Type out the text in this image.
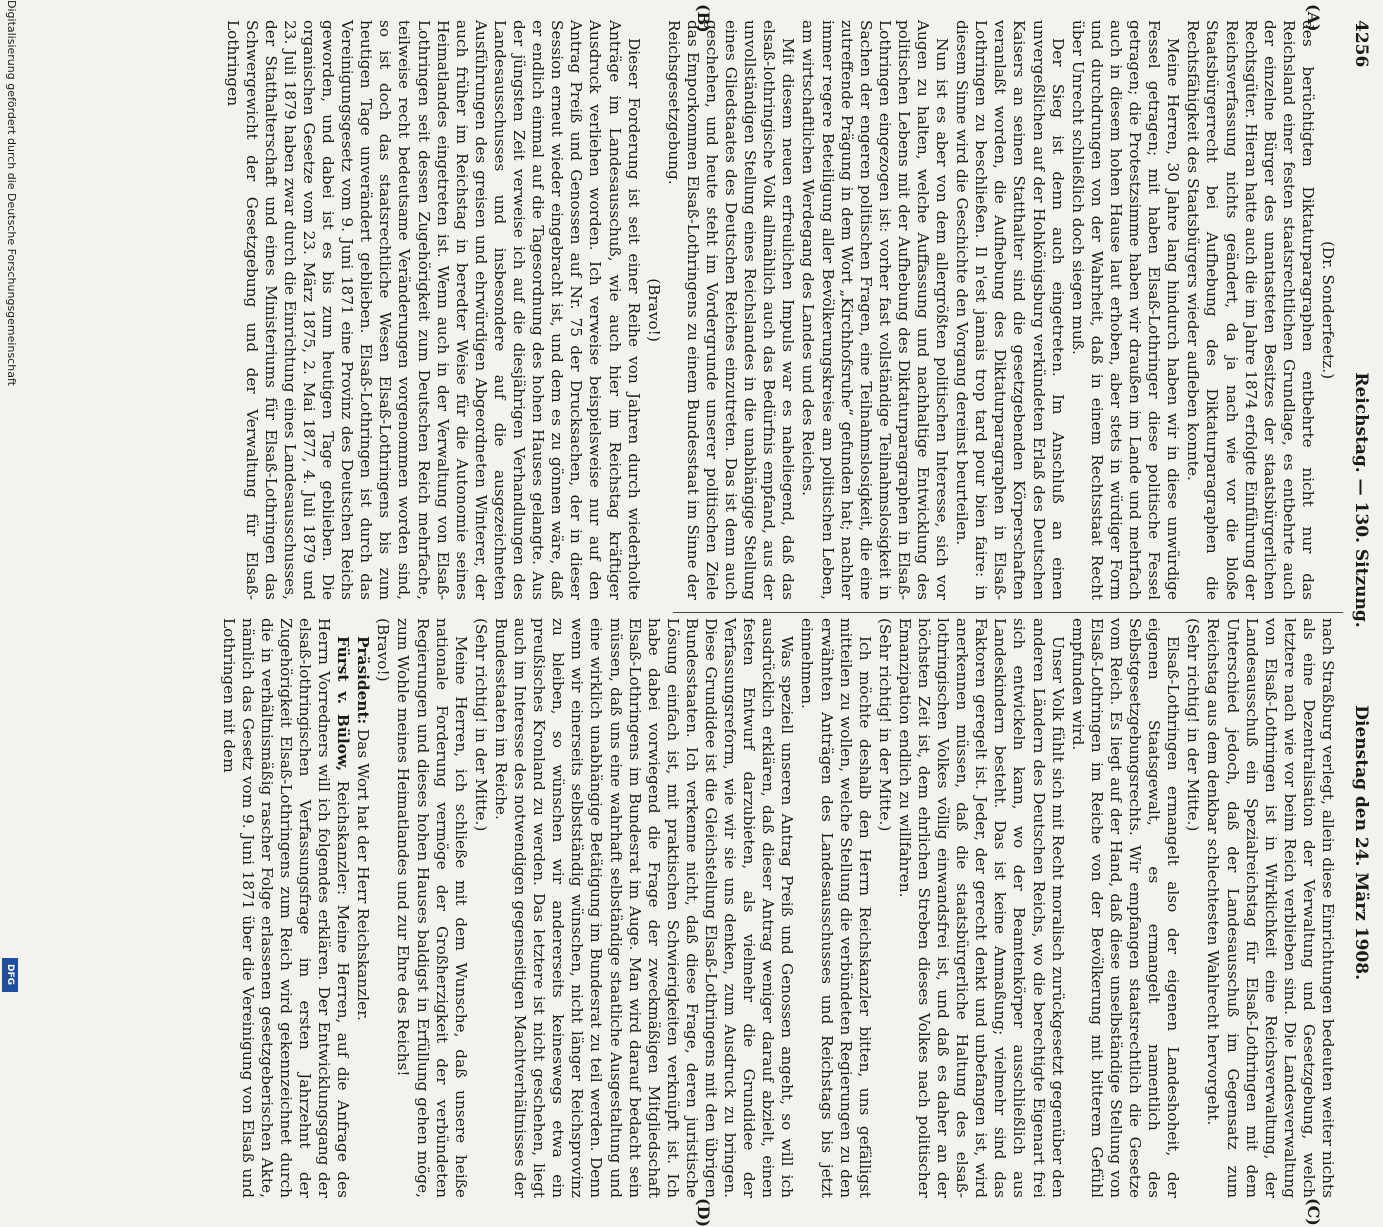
4256
Reichstag. — 130. Sitzung.
Dienstag den 24. März 1908.
(A)
(B)
(C)
(D)

(Dr. Sonderfeetz.)

des berüchtigten Diktaturparagraphen entbehrte nicht nur das Reichsland einer festen staatsrechtlichen Grundlage, es entbehrte auch der einzelne Bürger des unantasteten Besitzes der staatsbürgerlichen Rechtsgüter. Hieran hatte auch die im Jahre 1874 erfolgte Einführung der Reichsverfassung nichts geändert, da ja nach wie vor die bloße Staatsbürgerrecht bei Aufhebung des Diktaturparagraphen die Rechtsfähigkeit des Staatsbürgers wieder aufleben konnte.

Meine Herren, 30 Jahre lang hindurch haben wir in diese unwürdige Fessel getragen; mit haben Elsaß-Lothringer diese politische Fessel getragen; die Protestzsimme haben wir draußen im Lande und mehrfach auch in diesem hohen Hause laut erhoben, aber stets in würdiger Form und durchdrungen von der Wahrheit, daß in einem Rechtsstaat Recht über Unrecht schließlich doch siegen muß.

Der Sieg ist denn auch eingetreten. Im Anschluß an einen unvergeßlichen auf der Hohkönigsburg verkündeten Erlaß des Deutschen Kaisers an seinen Statthalter sind die gesetzgebenden Körperschaften veranlaßt worden, die Aufhebung des Diktaturparagraphen in Elsaß-Lothringen zu beschließen. Il n'est jamais trop tard pour bien faire: in diesem Sinne wird die Geschichte den Vorgang dereinst beurteilen.

Nun ist es aber von dem allergrößten politischen Interesse, sich vor Augen zu halten, welche Auffassung und nachhaltige Entwicklung des politischen Lebens mit der Aufhebung des Diktaturparagraphen in Elsaß-Lothringen eingezogen ist: vorher fast vollständige Teilnahmslosigkeit in Sachen der engeren politischen Fragen, eine Teilnahmslosigkeit, die eine zutreffende Prägung in dem Wort „Kirchhofsruhe“ gefunden hat; nachher immer regere Beteiligung aller Bevölkerungskreise am politischen Leben, am wirtschaftlichen Werdegang des Landes und des Reiches.

Mit diesem neuen erfreulichen Impuls war es naheliegend, daß das elsaß-lothringische Volk allmählich auch das Bedürfnis empfand, aus der unvollständigen Stellung eines Reichslandes in die unabhängige Stellung eines Gliedstaates des Deutschen Reiches einzutreten. Das ist denn auch geschehen, und heute steht im Vordergrunde unserer politischen Ziele das Emporkommen Elsaß-Lothringens zu einem Bundesstaat im Sinne der Reichsgesetzgebung.

(Bravo!)

Dieser Forderung ist seit einer Reihe von Jahren durch wiederholte Anträge im Landesausschuß, wie auch hier im Reichstag kräftiger Ausdruck verliehen worden. Ich verweise beispielsweise nur auf den Antrag Preiß und Genossen auf Nr. 75 der Drucksachen, der in dieser Session erneut wieder eingebracht ist, und dem es zu gönnen wäre, daß er endlich einmal auf die Tagesordnung des hohen Hauses gelangte. Aus der jüngsten Zeit verweise ich auf die diesjährigen Verhandlungen des Landesausschusses und insbesondere auf die ausgezeichneten Ausführungen des greisen und ehrwürdigen Abgeordneten Winterer, der auch früher im Reichstag in beredter Weise für die Autonomie seines Heimatlandes eingetreten ist. Wenn auch in der Verwaltung von Elsaß-Lothringen seit dessen Zugehörigkeit zum Deutschen Reich mehrfache, teilweise recht bedeutsame Veränderungen vorgenommen worden sind, so ist doch das staatsrechtliche Wesen Elsaß-Lothringens bis zum heutigen Tage unverändert geblieben. Elsaß-Lothringen ist durch das Vereinigungsgesetz vom 9. Juni 1871 eine Provinz des Deutschen Reichs geworden, und dabei ist es bis zum heutigen Tage geblieben. Die organischen Gesetze vom 23. März 1875, 2. Mai 1877, 4. Juli 1879 und 23. Juli 1879 haben zwar durch die Einrichtung eines Landesausschusses, der Statthalterschaft und eines Ministeriums für Elsaß-Lothringen das Schwergewicht der Gesetzgebung und der Verwaltung für Elsaß-Lothringen

nach Straßburg verlegt, allein diese Einrichtungen bedeuten weiter nichts als eine Dezentralisation der Verwaltung und Gesetzgebung, welch letztere nach wie vor beim Reich verblieben sind. Die Landesverwaltung von Elsaß-Lothringen ist in Wirklichkeit eine Reichsverwaltung, der Landesausschuß ein Spezialreichstag für Elsaß-Lothringen mit dem Unterschied jedoch, daß der Landesausschuß im Gegensatz zum Reichstag aus dem denkbar schlechtesten Wahlrecht hervorgeht.

(Sehr richtig! in der Mitte.)

Elsaß-Lothringen ermangelt also der eigenen Landeshoheit, der eigenen Staatsgewalt, es ermangelt namentlich des Selbstgesetzgebungsrechts. Wir empfangen staatsrechtlich die Gesetze vom Reich. Es liegt auf der Hand, daß diese unselbständige Stellung von Elsaß-Lothringen im Reiche von der Bevölkerung mit bitterem Gefühl empfunden wird.

Unser Volk fühlt sich mit Recht moralisch zurückgesetzt gegenüber den anderen Ländern des Deutschen Reichs, wo die berechtigte Eigenart frei sich entwickeln kann, wo der Beamtenkörper ausschließlich aus Landeskindern besteht. Das ist keine Anmaßung; vielmehr sind das Faktoren geregelt ist. Jeder, der gerecht denkt und unbefangen ist, wird anerkennen müssen, daß die staatsbürgerliche Haltung des elsaß-lothringischen Volkes völlig einwandsfrei ist, und daß es daher an der höchsten Zeit ist, dem ehrlichen Streben dieses Volkes nach politischer Emanzipation endlich zu willfahren.

(Sehr richtig! in der Mitte.)

Ich möchte deshalb den Herrn Reichskanzler bitten, uns gefälligst mitteilen zu wollen, welche Stellung die verbündeten Regierungen zu den erwähnten Anträgen des Landesausschusses und Reichstags bis jetzt einnehmen.

Was speziell unseren Antrag Preiß und Genossen angeht, so will ich ausdrücklich erklären, daß dieser Antrag weniger darauf abzielt, einen festen Entwurf darzubieten, als vielmehr die Grundidee der Verfassungsreform, wie wir sie uns denken, zum Ausdruck zu bringen. Diese Grundidee ist die Gleichstellung Elsaß-Lothringens mit den übrigen Bundesstaaten. Ich verkenne nicht, daß diese Frage, deren juristische Lösung einfach ist, mit praktischen Schwierigkeiten verknüpft ist. Ich habe dabei vorwiegend die Frage der zweckmäßigen Mitgliedschaft Elsaß-Lothringens im Bundesrat im Auge. Man wird darauf bedacht sein müssen, daß uns eine wahrhaft selbständige staatliche Ausgestaltung und eine wirklich unabhängige Betätigung im Bundesrat zu teil werden. Denn wenn wir einerseits selbstständig wünschen, nicht länger Reichsprovinz zu bleiben, so wünschen wir andererseits keineswegs etwa ein preußisches Kronland zu werden. Das letztere ist nicht geschehen, liegt auch im Interesse des notwendigen gegenseitigen Machtverhältnisses der Bundesstaaten im Reiche.

(Sehr richtig! in der Mitte.)

Meine Herren, ich schließe mit dem Wunsche, daß unsere heiße nationale Forderung vermöge der Großherzigkeit der verbündeten Regierungen und dieses hohen Hauses baldigst in Erfüllung gehen möge, zum Wohle meines Heimatlandes und zur Ehre des Reichs!

(Bravo!)

Präsident: Das Wort hat der Herr Reichskanzler.

Fürst v. Bülow, Reichskanzler: Meine Herren, auf die Anfrage des Herrn Vorredners will ich folgendes erklären. Der Entwicklungsgang der elsaß-lothringischen Verfassungsfrage im ersten Jahrzehnt der Zugehörigkeit Elsaß-Lothringens zum Reich wird gekennzeichnet durch die in verhältnismäßig rascher Folge erlassenen gesetzgeberischen Akte, nämlich das Gesetz vom 9. Juni 1871 über die Vereinigung von Elsaß und Lothringen mit dem

Digitalisierung gefördert durch die Deutsche Forschungsgemeinschaft
DFG
